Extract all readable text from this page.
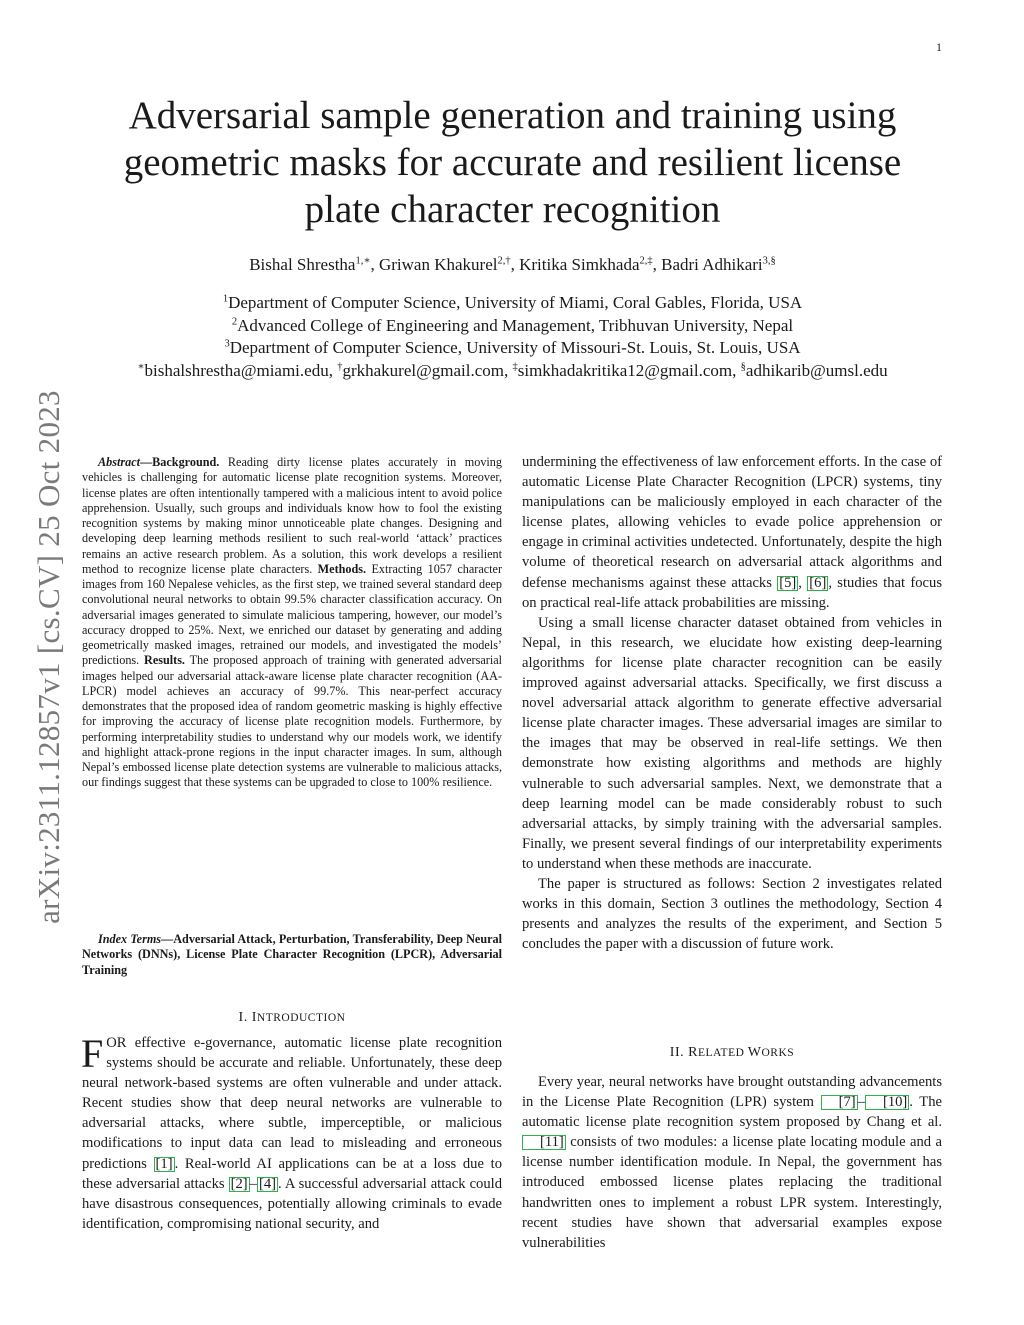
1
arXiv:2311.12857v1 [cs.CV] 25 Oct 2023
Adversarial sample generation and training using
geometric masks for accurate and resilient license
plate character recognition
Bishal Shrestha$^{1,∗}$, Griwan Khakurel$^{2,\dagger}$, Kritika Simkhada$^{2,\ddagger}$, Badri Adhikari$^{3,\S}$
$^1$Department of Computer Science, University of Miami, Coral Gables, Florida, USA
$^2$Advanced College of Engineering and Management, Tribhuvan University, Nepal
$^3$Department of Computer Science, University of Missouri-St. Louis, St. Louis, USA
∗bishalshrestha@miami.edu, †grkhakurel@gmail.com, ‡simkhadakritika12@gmail.com, §adhikarib@umsl.edu

Abstract—Background. Reading dirty license plates accurately in moving vehicles is challenging for automatic license plate recognition systems. Moreover, license plates are often intentionally tampered with a malicious intent to avoid police apprehension. Usually, such groups and individuals know how to fool the existing recognition systems by making minor unnoticeable plate changes. Designing and developing deep learning methods resilient to such real-world ‘attack’ practices remains an active research problem. As a solution, this work develops a resilient method to recognize license plate characters. Methods. Extracting 1057 character images from 160 Nepalese vehicles, as the first step, we trained several standard deep convolutional neural networks to obtain 99.5% character classification accuracy. On adversarial images generated to simulate malicious tampering, however, our model’s accuracy dropped to 25%. Next, we enriched our dataset by generating and adding geometrically masked images, retrained our models, and investigated the models’ predictions. Results. The proposed approach of training with generated adversarial images helped our adversarial attack-aware license plate character recognition (AA-LPCR) model achieves an accuracy of 99.7%. This near-perfect accuracy demonstrates that the proposed idea of random geometric masking is highly effective for improving the accuracy of license plate recognition models. Furthermore, by performing interpretability studies to understand why our models work, we identify and highlight attack-prone regions in the input character images. In sum, although Nepal’s embossed license plate detection systems are vulnerable to malicious attacks, our findings suggest that these systems can be upgraded to close to 100% resilience.

Index Terms—Adversarial Attack, Perturbation, Transferability, Deep Neural Networks (DNNs), License Plate Character Recognition (LPCR), Adversarial Training

I. INTRODUCTION

FOR effective e-governance, automatic license plate recognition systems should be accurate and reliable. Unfortunately, these deep neural network-based systems are often vulnerable and under attack. Recent studies show that deep neural networks are vulnerable to adversarial attacks, where subtle, imperceptible, or malicious modifications to input data can lead to misleading and erroneous predictions [1] . Real-world AI applications can be at a loss due to these adversarial attacks [2] – [4] . A successful adversarial attack could have disastrous consequences, potentially allowing criminals to evade identification, compromising national security, and

undermining the effectiveness of law enforcement efforts. In the case of automatic License Plate Character Recognition (LPCR) systems, tiny manipulations can be maliciously employed in each character of the license plates, allowing vehicles to evade police apprehension or engage in criminal activities undetected. Unfortunately, despite the high volume of theoretical research on adversarial attack algorithms and defense mechanisms against these attacks [5] , [6] , studies that focus on practical real-life attack probabilities are missing.

Using a small license character dataset obtained from vehicles in Nepal, in this research, we elucidate how existing deep-learning algorithms for license plate character recognition can be easily improved against adversarial attacks. Specifically, we first discuss a novel adversarial attack algorithm to generate effective adversarial license plate character images. These adversarial images are similar to the images that may be observed in real-life settings. We then demonstrate how existing algorithms and methods are highly vulnerable to such adversarial samples. Next, we demonstrate that a deep learning model can be made considerably robust to such adversarial attacks, by simply training with the adversarial samples. Finally, we present several findings of our interpretability experiments to understand when these methods are inaccurate.

The paper is structured as follows: Section 2 investigates related works in this domain, Section 3 outlines the methodology, Section 4 presents and analyzes the results of the experiment, and Section 5 concludes the paper with a discussion of future work.

II. RELATED WORKS

Every year, neural networks have brought outstanding advancements in the License Plate Recognition (LPR) system [7] – [10] . The automatic license plate recognition system proposed by Chang et al. [11] consists of two modules: a license plate locating module and a license number identification module. In Nepal, the government has introduced embossed license plates replacing the traditional handwritten ones to implement a robust LPR system. Interestingly, recent studies have shown that adversarial examples expose vulnerabilities
